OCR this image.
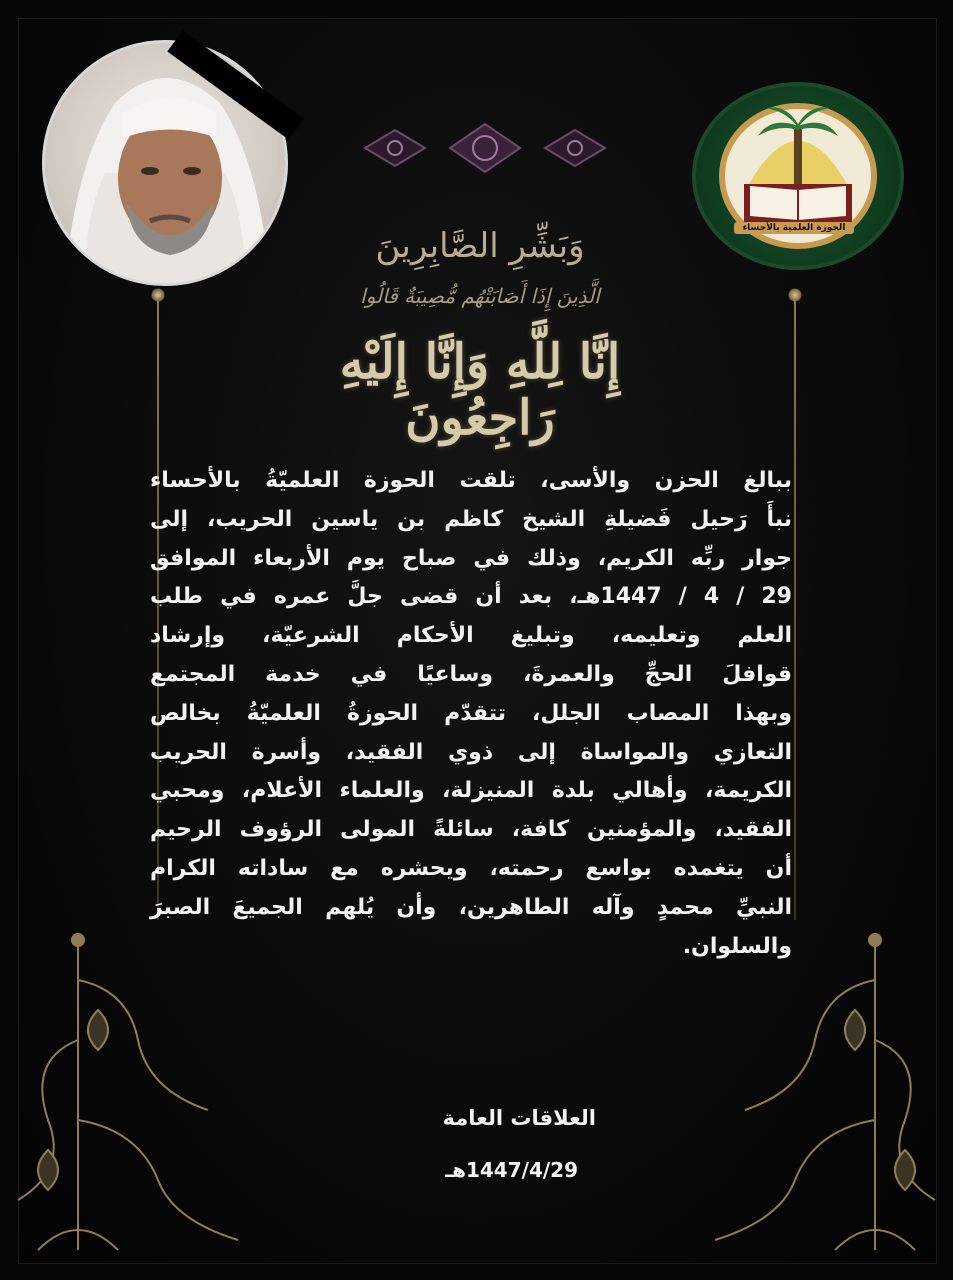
الحوزة العلمية بالأحساء
وَبَشِّرِ الصَّابِرِينَ
الَّذِينَ إِذَا أَصَابَتْهُم مُّصِيبَةٌ قَالُوا
إِنَّا لِلَّهِ وَإِنَّا إِلَيْهِ رَاجِعُونَ

ببالغ الحزن والأسى، تلقت الحوزة العلميّةُ بالأحساء

نبأَ رَحيل فَضيلةِ الشيخ كاظم بن ياسين الحريب، إلى

جوار ربِّه الكريم، وذلك في صباح يوم الأربعاء الموافق

29 / 4 / 1447هـ، بعد أن قضى جلَّ عمره في طلب

العلم وتعليمه، وتبليغ الأحكام الشرعيّة، وإرشاد

قوافلَ الحجِّ والعمرةَ، وساعيًا في خدمة المجتمع

وبهذا المصاب الجلل، تتقدّم الحوزةُ العلميّةُ بخالص

التعازي والمواساة إلى ذوي الفقيد، وأسرة الحريب

الكريمة، وأهالي بلدة المنيزلة، والعلماء الأعلام، ومحبي

الفقيد، والمؤمنين كافة، سائلةً المولى الرؤوف الرحيم

أن يتغمده بواسع رحمته، ويحشره مع ساداته الكرام

النبيِّ محمدٍ وآله الطاهرين، وأن يُلهم الجميعَ الصبرَ

والسلوان.

العلاقات العامة
1447/4/29هـ
